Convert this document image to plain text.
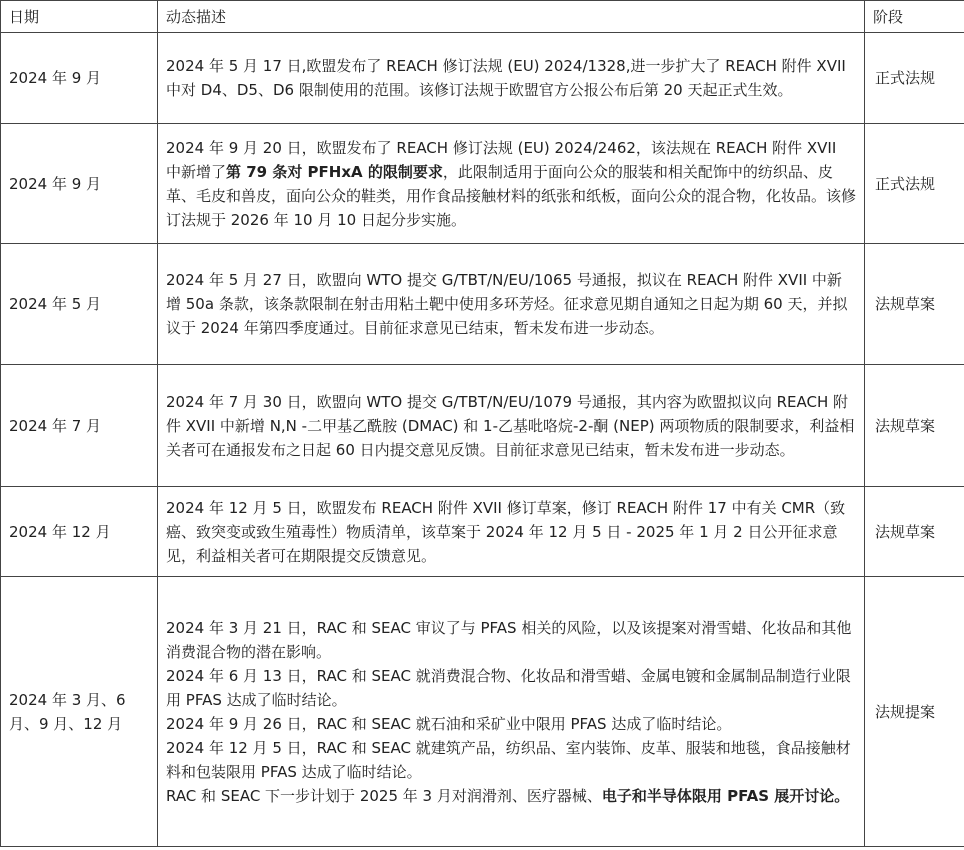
日期	动态描述	阶段
2024 年 9 月	2024 年 5 月 17 日,欧盟发布了 REACH 修订法规 (EU) 2024/1328,进一步扩大了 REACH 附件 XVII 中对 D4、D5、D6 限制使用的范围。该修订法规于欧盟官方公报公布后第 20 天起正式生效。	正式法规
2024 年 9 月	2024 年 9 月 20 日，欧盟发布了 REACH 修订法规 (EU) 2024/2462，该法规在 REACH 附件 XVII 中新增了第 79 条对 PFHxA 的限制要求，此限制适用于面向公众的服装和相关配饰中的纺织品、皮革、毛皮和兽皮，面向公众的鞋类，用作食品接触材料的纸张和纸板，面向公众的混合物，化妆品。该修订法规于 2026 年 10 月 10 日起分步实施。	正式法规
2024 年 5 月	2024 年 5 月 27 日，欧盟向 WTO 提交 G/TBT/N/EU/1065 号通报，拟议在 REACH 附件 XVII 中新增 50a 条款，该条款限制在射击用粘土靶中使用多环芳烃。征求意见期自通知之日起为期 60 天，并拟议于 2024 年第四季度通过。目前征求意见已结束，暂未发布进一步动态。	法规草案
2024 年 7 月	2024 年 7 月 30 日，欧盟向 WTO 提交 G/TBT/N/EU/1079 号通报，其内容为欧盟拟议向 REACH 附件 XVII 中新增 N,N -二甲基乙酰胺 (DMAC) 和 1-乙基吡咯烷-2-酮 (NEP) 两项物质的限制要求，利益相关者可在通报发布之日起 60 日内提交意见反馈。目前征求意见已结束，暂未发布进一步动态。	法规草案
2024 年 12 月	2024 年 12 月 5 日，欧盟发布 REACH 附件 XVII 修订草案，修订 REACH 附件 17 中有关 CMR（致癌、致突变或致生殖毒性）物质清单，该草案于 2024 年 12 月 5 日 - 2025 年 1 月 2 日公开征求意见，利益相关者可在期限提交反馈意见。	法规草案
2024 年 3 月、6 月、9 月、12 月	2024 年 3 月 21 日，RAC 和 SEAC 审议了与 PFAS 相关的风险，以及该提案对滑雪蜡、化妆品和其他消费混合物的潜在影响。
2024 年 6 月 13 日，RAC 和 SEAC 就消费混合物、化妆品和滑雪蜡、金属电镀和金属制品制造行业限用 PFAS 达成了临时结论。
2024 年 9 月 26 日，RAC 和 SEAC 就石油和采矿业中限用 PFAS 达成了临时结论。
2024 年 12 月 5 日，RAC 和 SEAC 就建筑产品，纺织品、室内装饰、皮革、服装和地毯，食品接触材料和包装限用 PFAS 达成了临时结论。
RAC 和 SEAC 下一步计划于 2025 年 3 月对润滑剂、医疗器械、电子和半导体限用 PFAS 展开讨论。	法规提案
